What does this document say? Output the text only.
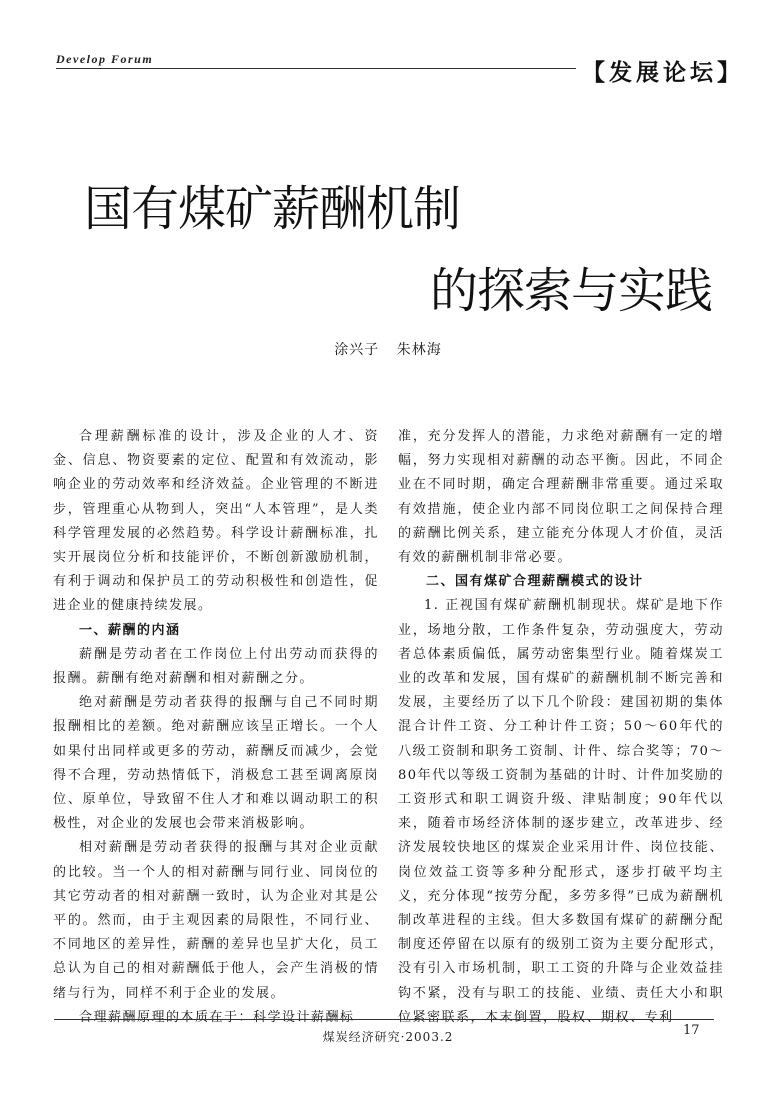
Develop Forum
【发展论坛】
国有煤矿薪酬机制
的探索与实践
涂兴子 朱林海

合理薪酬标准的设计，涉及企业的人才、资金、信息、物资要素的定位、配置和有效流动，影响企业的劳动效率和经济效益。企业管理的不断进步，管理重心从物到人，突出“人本管理”，是人类科学管理发展的必然趋势。科学设计薪酬标准，扎实开展岗位分析和技能评价，不断创新激励机制，有利于调动和保护员工的劳动积极性和创造性，促进企业的健康持续发展。

一、薪酬的内涵

薪酬是劳动者在工作岗位上付出劳动而获得的报酬。薪酬有绝对薪酬和相对薪酬之分。

绝对薪酬是劳动者获得的报酬与自己不同时期报酬相比的差额。绝对薪酬应该呈正增长。一个人如果付出同样或更多的劳动，薪酬反而减少，会觉得不合理，劳动热情低下，消极怠工甚至调离原岗位、原单位，导致留不住人才和难以调动职工的积极性，对企业的发展也会带来消极影响。

相对薪酬是劳动者获得的报酬与其对企业贡献的比较。当一个人的相对薪酬与同行业、同岗位的其它劳动者的相对薪酬一致时，认为企业对其是公平的。然而，由于主观因素的局限性，不同行业、不同地区的差异性，薪酬的差异也呈扩大化，员工总认为自己的相对薪酬低于他人，会产生消极的情绪与行为，同样不利于企业的发展。

合理薪酬原理的本质在于：科学设计薪酬标

准，充分发挥人的潜能，力求绝对薪酬有一定的增幅，努力实现相对薪酬的动态平衡。因此，不同企业在不同时期，确定合理薪酬非常重要。通过采取有效措施，使企业内部不同岗位职工之间保持合理的薪酬比例关系，建立能充分体现人才价值，灵活有效的薪酬机制非常必要。

二、国有煤矿合理薪酬模式的设计

1. 正视国有煤矿薪酬机制现状。煤矿是地下作业，场地分散，工作条件复杂，劳动强度大，劳动者总体素质偏低，属劳动密集型行业。随着煤炭工业的改革和发展，国有煤矿的薪酬机制不断完善和发展，主要经历了以下几个阶段：建国初期的集体混合计件工资、分工种计件工资；50～60年代的八级工资制和职务工资制、计件、综合奖等；70～80年代以等级工资制为基础的计时、计件加奖励的工资形式和职工调资升级、津贴制度；90年代以来，随着市场经济体制的逐步建立，改革进步、经济发展较快地区的煤炭企业采用计件、岗位技能、岗位效益工资等多种分配形式，逐步打破平均主义，充分体现“按劳分配，多劳多得”已成为薪酬机制改革进程的主线。但大多数国有煤矿的薪酬分配制度还停留在以原有的级别工资为主要分配形式，没有引入市场机制，职工工资的升降与企业效益挂钩不紧，没有与职工的技能、业绩、责任大小和职位紧密联系，本末倒置，股权、期权、专利

煤炭经济研究·2003.2	17
